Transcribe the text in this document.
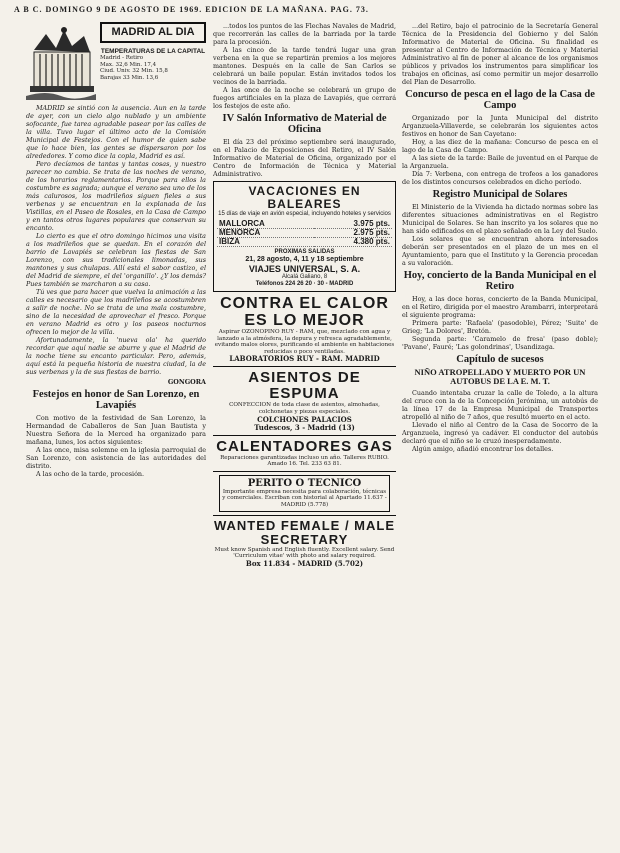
A B C. DOMINGO 9 DE AGOSTO DE 1969. EDICION DE LA MAÑANA. PAG. 73.
MADRID AL DIA
TEMPERATURAS DE LA CAPITAL
Madrid - Retiro
Max. 32,6 Min. 17,4
Ciud. Univ. 32 Min. 15,8
Barajas 33 Min. 13,6

MADRID se sintió con la ausencia. Aun en la tarde de ayer, con un cielo algo nublado y un ambiente sofocante, fue tarea agradable pasear por las calles de la villa. Tuvo lugar el último acto de la Comisión Municipal de Festejos. Con el humor de quien sabe que lo hace bien, las gentes se dispersaron por los alrededores. Y como dice la copla, Madrid es así.

Pero decíamos de tantas y tantas cosas, y nuestro parecer no cambia. Se trata de las noches de verano, de los horarios reglamentarios. Porque para ellos la costumbre es sagrada; aunque el verano sea uno de los más calurosos, los madrileños siguen fieles a sus verbenas y se encuentran en la explanada de las Vistillas, en el Paseo de Rosales, en la Casa de Campo y en tantos otros lugares populares que conservan su encanto.

Lo cierto es que el otro domingo hicimos una visita a los madrileños que se quedan. En el corazón del barrio de Lavapiés se celebran las fiestas de San Lorenzo, con sus tradicionales limonadas, sus mantones y sus chulapas. Allí está el sabor castizo, el del Madrid de siempre, el del 'organillo'. ¿Y los demás? Pues también se marcharon a su casa.

Tú ves que para hacer que vuelva la animación a las calles es necesario que los madrileños se acostumbren a salir de noche. No se trata de una mala costumbre, sino de la necesidad de aprovechar el fresco. Porque en verano Madrid es otro y los paseos nocturnos ofrecen lo mejor de la villa.

Afortunadamente, la 'nueva ola' ha querido recordar que aquí nadie se aburre y que el Madrid de la noche tiene su encanto particular. Pero, además, aquí está la pequeña historia de nuestra ciudad, la de sus verbenas y la de sus fiestas de barrio.

GONGORA
Festejos en honor de San Lorenzo, en Lavapiés

Con motivo de la festividad de San Lorenzo, la Hermandad de Caballeros de San Juan Bautista y Nuestra Señora de la Merced ha organizado para mañana, lunes, los actos siguientes:

A las once, misa solemne en la iglesia parroquial de San Lorenzo, con asistencia de las autoridades del distrito.

A las ocho de la tarde, procesión.

...todos los puntos de las Flechas Navales de Madrid, que recorrerán las calles de la barriada por la tarde para la procesión.

A las cinco de la tarde tendrá lugar una gran verbena en la que se repartirán premios a los mejores mantones. Después en la calle de San Carlos se celebrará un baile popular. Están invitados todos los vecinos de la barriada.

A las once de la noche se celebrará un grupo de fuegos artificiales en la plaza de Lavapiés, que cerrará los festejos de este año.

IV Salón Informativo de Material de Oficina

El día 23 del próximo septiembre será inaugurado, en el Palacio de Exposiciones del Retiro, el IV Salón Informativo de Material de Oficina, organizado por el Centro de Información de Técnica y Material Administrativo.

VACACIONES EN BALEARES
15 días de viaje en avión especial, incluyendo hoteles y servicios
MALLORCA	3.975 pts.
MENORCA	2.975 pts.
IBIZA	4.380 pts.
PROXIMAS SALIDAS
21, 28 agosto, 4, 11 y 18 septiembre
VIAJES UNIVERSAL, S. A.
Alcalá Galiano, 8
Teléfonos 224 26 20 · 30 - MADRID
CONTRA EL CALOR
ES LO MEJOR
Aspirar OZONOPINO RUY - RAM, que, mezclado con agua y lanzado a la atmósfera, la depura y refresca agradablemente, evitando malos olores, purificando el ambiente en habitaciones reducidas o poco ventiladas.
LABORATORIOS RUY - RAM. MADRID
ASIENTOS DE ESPUMA
CONFECCION de toda clase de asientos, almohadas, colchonetas y piezas especiales.
COLCHONES PALACIOS
Tudescos, 3 - Madrid (13)
CALENTADORES GAS
Reparaciones garantizadas incluso un año. Talleres RUBIO. Amado 16. Tel. 233 63 81.
PERITO O TECNICO
Importante empresa necesita para colaboración, técnicas y comerciales. Escriban con historial al Apartado 11.637 - MADRID (5.778)
WANTED FEMALE / MALE SECRETARY
Must know Spanish and English fluently. Excellent salary. Send 'Curriculum vitae' with photo and salary required.
Box 11.834 - MADRID (5.702)

...del Retiro, bajo el patrocinio de la Secretaría General Técnica de la Presidencia del Gobierno y del Salón Informativo de Material de Oficina. Su finalidad es presentar al Centro de Información de Técnica y Material Administrativo al fin de poner al alcance de los organismos públicos y privados los instrumentos para simplificar los trabajos en oficinas, así como permitir un mejor desarrollo del Plan de Desarrollo.

Concurso de pesca en el lago de la Casa de Campo

Organizado por la Junta Municipal del distrito Arganzuela-Villaverde, se celebrarán los siguientes actos festivos en honor de San Cayetano:

Hoy, a las diez de la mañana: Concurso de pesca en el lago de la Casa de Campo.

A las siete de la tarde: Baile de juventud en el Parque de la Arganzuela.

Día 7: Verbena, con entrega de trofeos a los ganadores de los distintos concursos celebrados en dicho período.

Registro Municipal de Solares

El Ministerio de la Vivienda ha dictado normas sobre las diferentes situaciones administrativas en el Registro Municipal de Solares. Se han inscrito ya los solares que no han sido edificados en el plazo señalado en la Ley del Suelo.

Los solares que se encuentran ahora interesados deberán ser presentados en el plazo de un mes en el Ayuntamiento, para que el Instituto y la Gerencia procedan a su valoración.

Hoy, concierto de la Banda Municipal en el Retiro

Hoy, a las doce horas, concierto de la Banda Municipal, en el Retiro, dirigida por el maestro Arambarri, interpretará el siguiente programa:

Primera parte: 'Rafaela' (pasodoble), Pérez; 'Suite' de Grieg; 'La Dolores', Bretón.

Segunda parte: 'Caramelo de fresa' (paso doble); 'Pavane', Fauré; 'Las golondrinas', Usandizaga.

Capítulo de sucesos
NIÑO ATROPELLADO Y MUERTO POR UN AUTOBUS DE LA E. M. T.

Cuando intentaba cruzar la calle de Toledo, a la altura del cruce con la de la Concepción Jerónima, un autobús de la línea 17 de la Empresa Municipal de Transportes atropelló al niño de 7 años, que resultó muerto en el acto.

Llevado el niño al Centro de la Casa de Socorro de la Arganzuela, ingresó ya cadáver. El conductor del autobús declaró que el niño se le cruzó inesperadamente.

Algún amigo, añadió encontrar los detalles.
